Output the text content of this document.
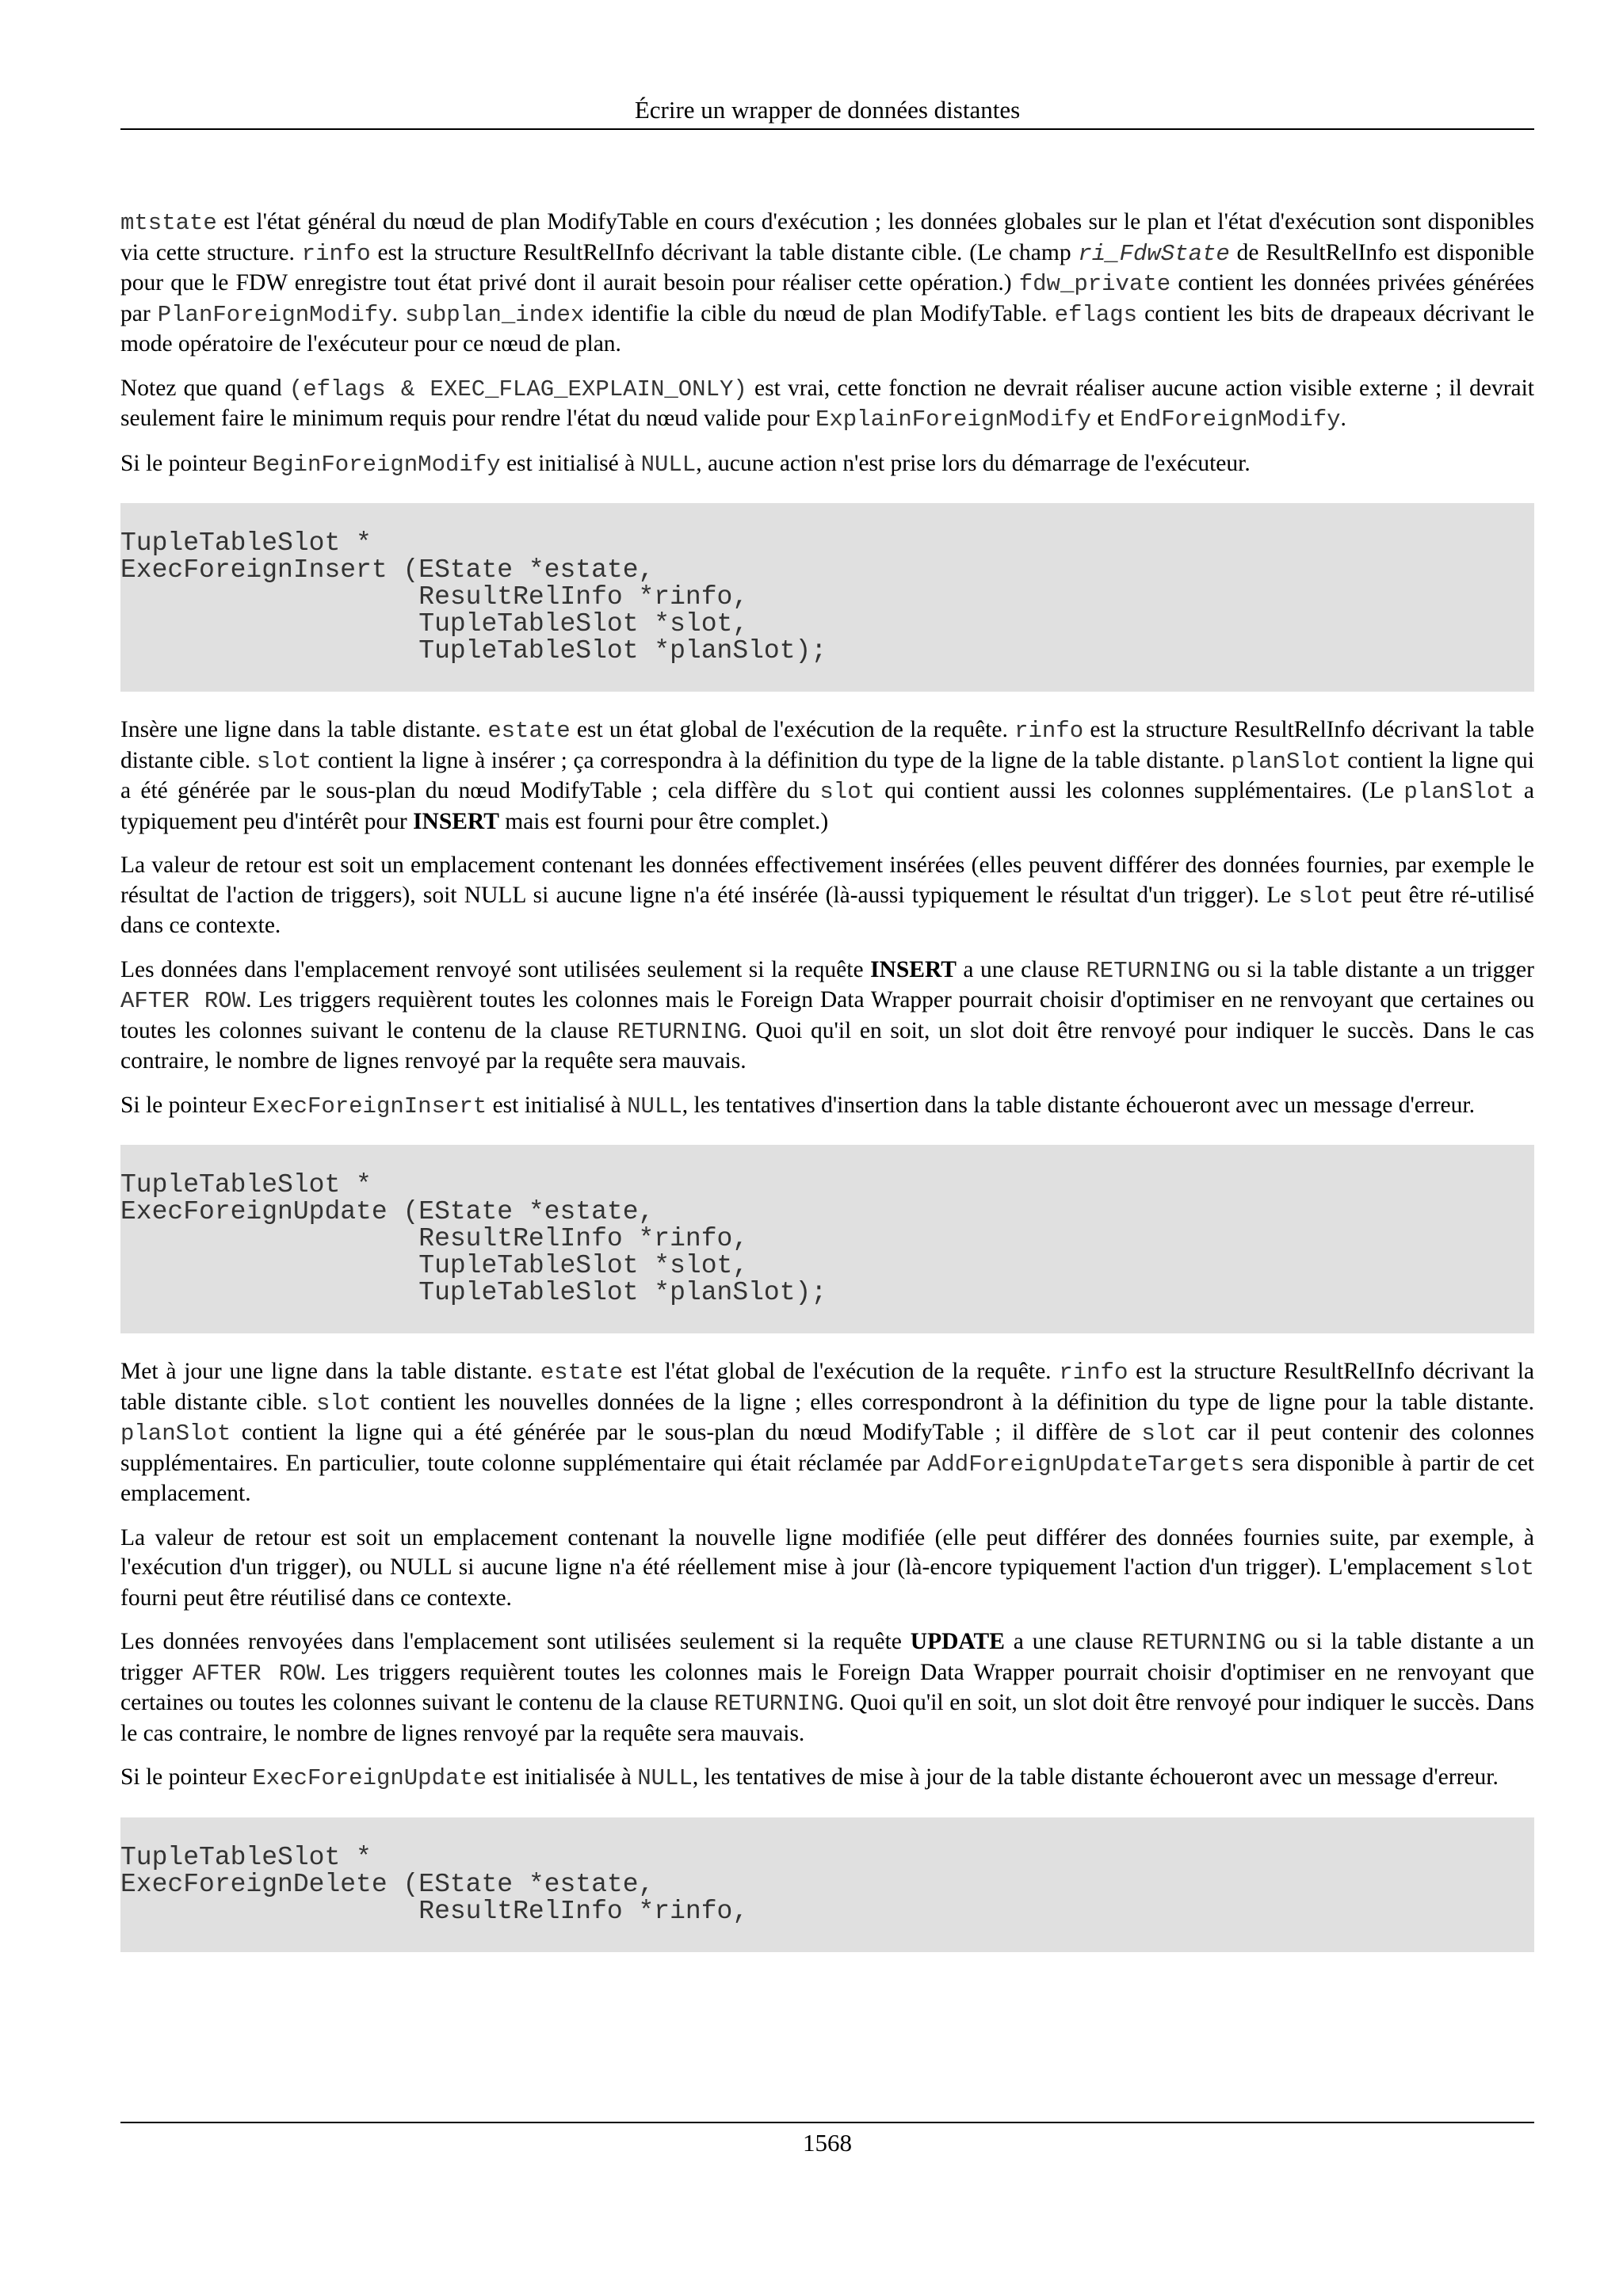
Écrire un wrapper de données distantes

mtstate est l'état général du nœud de plan ModifyTable en cours d'exécution ; les données globales sur le plan et l'état d'exécution sont disponibles via cette structure. rinfo est la structure ResultRelInfo décrivant la table distante cible. (Le champ ri_FdwState de ResultRelInfo est disponible pour que le FDW enregistre tout état privé dont il aurait besoin pour réaliser cette opération.) fdw_private contient les données privées générées par PlanForeignModify. subplan_index identifie la cible du nœud de plan ModifyTable. eflags contient les bits de drapeaux décrivant le mode opératoire de l'exécuteur pour ce nœud de plan.

Notez que quand (eflags & EXEC_FLAG_EXPLAIN_ONLY) est vrai, cette fonction ne devrait réaliser aucune action visible externe ; il devrait seulement faire le minimum requis pour rendre l'état du nœud valide pour ExplainForeignModify et EndForeignModify.

Si le pointeur BeginForeignModify est initialisé à NULL, aucune action n'est prise lors du démarrage de l'exécuteur.

TupleTableSlot *
ExecForeignInsert (EState *estate,
ResultRelInfo *rinfo,
TupleTableSlot *slot,
TupleTableSlot *planSlot);

Insère une ligne dans la table distante. estate est un état global de l'exécution de la requête. rinfo est la structure ResultRelInfo décrivant la table distante cible. slot contient la ligne à insérer ; ça correspondra à la définition du type de la ligne de la table distante. planSlot contient la ligne qui a été générée par le sous-plan du nœud ModifyTable ; cela diffère du slot qui contient aussi les colonnes supplémentaires. (Le planSlot a typiquement peu d'intérêt pour INSERT mais est fourni pour être complet.)

La valeur de retour est soit un emplacement contenant les données effectivement insérées (elles peuvent différer des données fournies, par exemple le résultat de l'action de triggers), soit NULL si aucune ligne n'a été insérée (là-aussi typiquement le résultat d'un trigger). Le slot peut être ré-utilisé dans ce contexte.

Les données dans l'emplacement renvoyé sont utilisées seulement si la requête INSERT a une clause RETURNING ou si la table distante a un trigger AFTER ROW. Les triggers requièrent toutes les colonnes mais le Foreign Data Wrapper pourrait choisir d'optimiser en ne renvoyant que certaines ou toutes les colonnes suivant le contenu de la clause RETURNING. Quoi qu'il en soit, un slot doit être renvoyé pour indiquer le succès. Dans le cas contraire, le nombre de lignes renvoyé par la requête sera mauvais.

Si le pointeur ExecForeignInsert est initialisé à NULL, les tentatives d'insertion dans la table distante échoueront avec un message d'erreur.

TupleTableSlot *
ExecForeignUpdate (EState *estate,
ResultRelInfo *rinfo,
TupleTableSlot *slot,
TupleTableSlot *planSlot);

Met à jour une ligne dans la table distante. estate est l'état global de l'exécution de la requête. rinfo est la structure ResultRelInfo décrivant la table distante cible. slot contient les nouvelles données de la ligne ; elles correspondront à la définition du type de ligne pour la table distante. planSlot contient la ligne qui a été générée par le sous-plan du nœud ModifyTable ; il diffère de slot car il peut contenir des colonnes supplémentaires. En particulier, toute colonne supplémentaire qui était réclamée par AddForeignUpdateTargets sera disponible à partir de cet emplacement.

La valeur de retour est soit un emplacement contenant la nouvelle ligne modifiée (elle peut différer des données fournies suite, par exemple, à l'exécution d'un trigger), ou NULL si aucune ligne n'a été réellement mise à jour (là-encore typiquement l'action d'un trigger). L'emplacement slot fourni peut être réutilisé dans ce contexte.

Les données renvoyées dans l'emplacement sont utilisées seulement si la requête UPDATE a une clause RETURNING ou si la table distante a un trigger AFTER ROW. Les triggers requièrent toutes les colonnes mais le Foreign Data Wrapper pourrait choisir d'optimiser en ne renvoyant que certaines ou toutes les colonnes suivant le contenu de la clause RETURNING. Quoi qu'il en soit, un slot doit être renvoyé pour indiquer le succès. Dans le cas contraire, le nombre de lignes renvoyé par la requête sera mauvais.

Si le pointeur ExecForeignUpdate est initialisée à NULL, les tentatives de mise à jour de la table distante échoueront avec un message d'erreur.

TupleTableSlot *
ExecForeignDelete (EState *estate,
ResultRelInfo *rinfo,
1568
